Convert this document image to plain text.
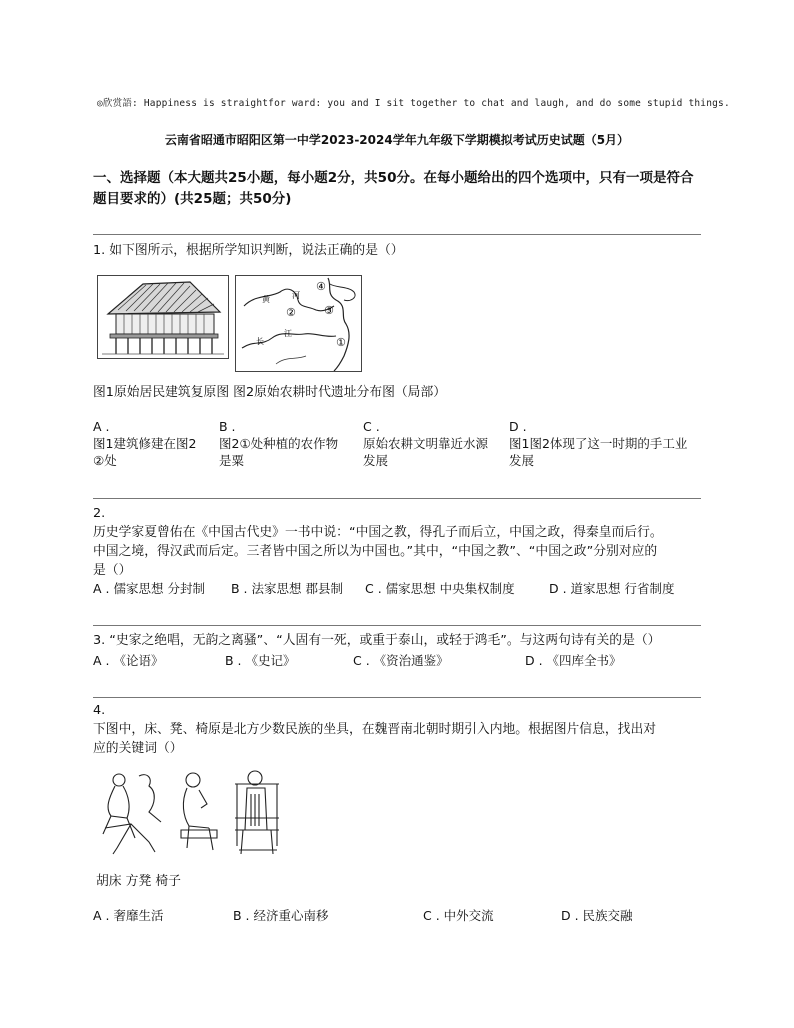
◎欣赏語: Happiness is straightfor ward: you and I sit together to chat and laugh, and do some stupid things.
云南省昭通市昭阳区第一中学2023-2024学年九年级下学期模拟考试历史试题（5月）
一、选择题（本大题共25小题，每小题2分，共50分。在每小题给出的四个选项中，只有一项是符合
题目要求的）(共25题；共50分)
1. 如下图所示，根据所学知识判断，说法正确的是（）
黄	河
长
江
④
②	③
①
图1原始居民建筑复原图 图2原始农耕时代遗址分布图（局部）
A .
图1建筑修建在图2
②处
B .
图2①处种植的农作物
是粟
C .
原始农耕文明靠近水源
发展
D .
图1图2体现了这一时期的手工业
发展
2.
历史学家夏曾佑在《中国古代史》一书中说：“中国之教，得孔子而后立，中国之政，得秦皇而后行。
中国之境，得汉武而后定。三者皆中国之所以为中国也。”其中，“中国之教”、“中国之政”分别对应的
是（）
A . 儒家思想 分封制 B . 法家思想 郡县制 C . 儒家思想 中央集权制度	D . 道家思想 行省制度
3. “史家之绝唱，无韵之离骚”、“人固有一死，或重于泰山，或轻于鸿毛”。与这两句诗有关的是（）
A . 《论语》	B . 《史记》	C . 《资治通鉴》	D . 《四库全书》
4.
下图中，床、凳、椅原是北方少数民族的坐具，在魏晋南北朝时期引入内地。根据图片信息，找出对
应的关键词（）
胡床 方凳 椅子
A . 奢靡生活	B . 经济重心南移	C . 中外交流	D . 民族交融
